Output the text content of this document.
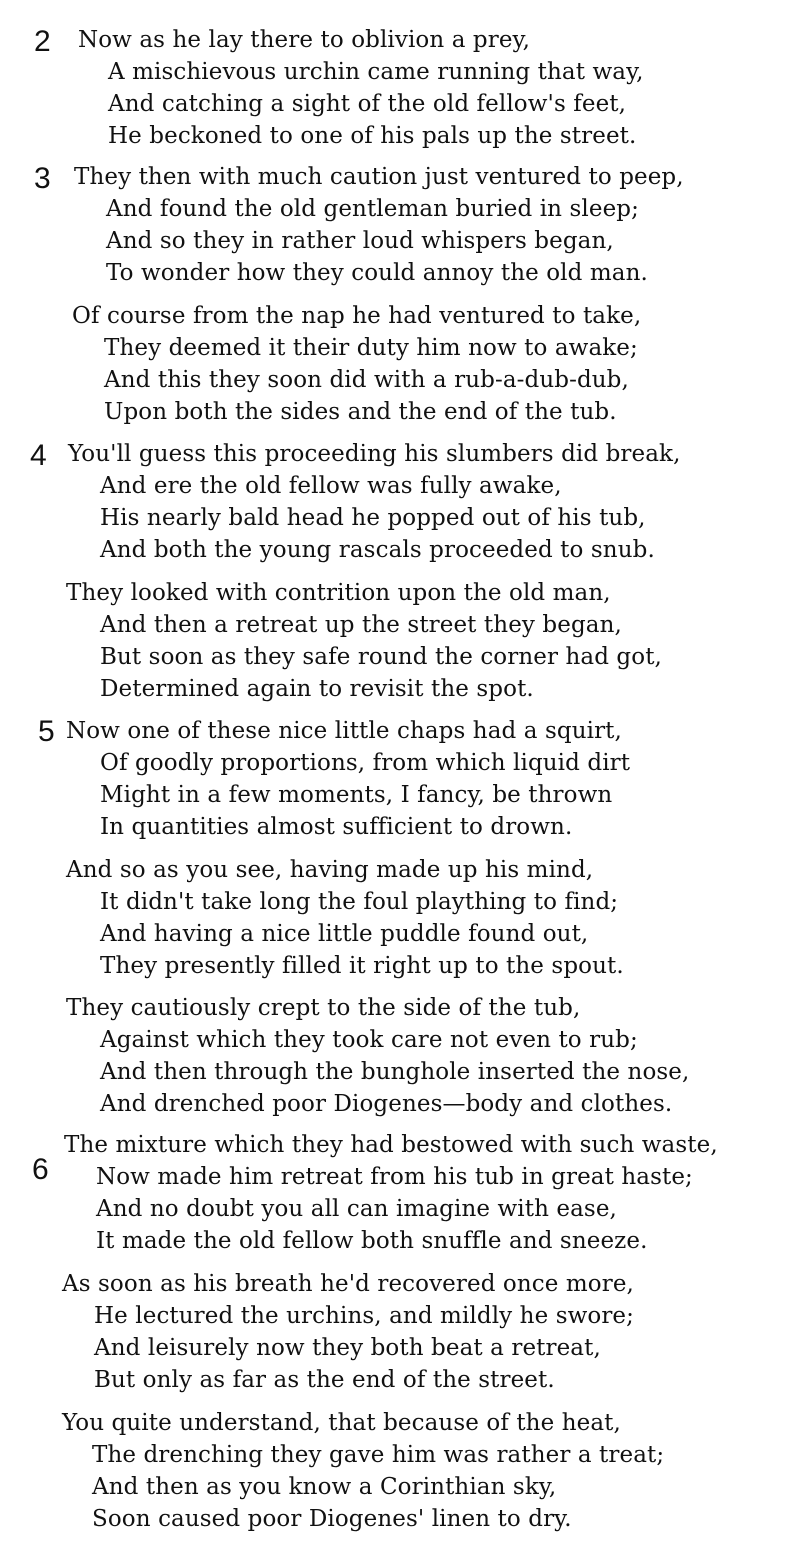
2 Now as he lay there to oblivion a prey,
A mischievous urchin came running that way,
And catching a sight of the old fellow's feet,
He beckoned to one of his pals up the street.
3 They then with much caution just ventured to peep,
And found the old gentleman buried in sleep;
And so they in rather loud whispers began,
To wonder how they could annoy the old man.
Of course from the nap he had ventured to take,
They deemed it their duty him now to awake;
And this they soon did with a rub-a-dub-dub,
Upon both the sides and the end of the tub.
4 You'll guess this proceeding his slumbers did break,
And ere the old fellow was fully awake,
His nearly bald head he popped out of his tub,
And both the young rascals proceeded to snub.
They looked with contrition upon the old man,
And then a retreat up the street they began,
But soon as they safe round the corner had got,
Determined again to revisit the spot.
5 Now one of these nice little chaps had a squirt,
Of goodly proportions, from which liquid dirt
Might in a few moments, I fancy, be thrown
In quantities almost sufficient to drown.
And so as you see, having made up his mind,
It didn't take long the foul plaything to find;
And having a nice little puddle found out,
They presently filled it right up to the spout.
They cautiously crept to the side of the tub,
Against which they took care not even to rub;
And then through the bunghole inserted the nose,
And drenched poor Diogenes—body and clothes.
6
The mixture which they had bestowed with such waste,
Now made him retreat from his tub in great haste;
And no doubt you all can imagine with ease,
It made the old fellow both snuffle and sneeze.
As soon as his breath he'd recovered once more,
He lectured the urchins, and mildly he swore;
And leisurely now they both beat a retreat,
But only as far as the end of the street.
You quite understand, that because of the heat,
The drenching they gave him was rather a treat;
And then as you know a Corinthian sky,
Soon caused poor Diogenes' linen to dry.
